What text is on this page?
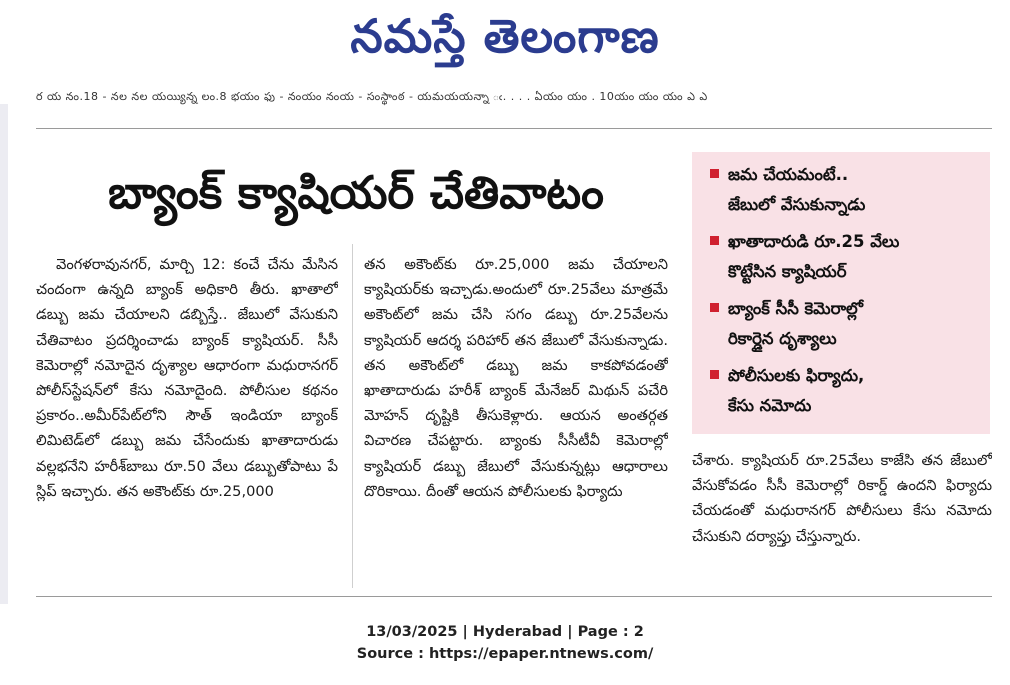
నమస్తే తెలంగాణ
ర య నం.18 - నల నల యయ్యిన్న లం.8 భయం ఫు - నంయం నంయ - సంస్థాంఠ - యమయయన్నా ఁ. . . . ఏయం యం . 10యం యం యం ఎ ఎ
బ్యాంక్ క్యాషియర్ చేతివాటం
వెంగళరావునగర్, మార్చి 12: కంచే చేను మేసిన చందంగా ఉన్నది బ్యాంక్ అధికారి తీరు. ఖాతాలో డబ్బు జమ చేయాలని డబ్బిస్తే.. జేబులో వేసుకుని చేతివాటం ప్రదర్శించాడు బ్యాంక్ క్యాషియర్. సీసీ కెమెరాల్లో నమోదైన దృశ్యాల ఆధారంగా మధురానగర్ పోలీస్‌స్టేషన్‌లో కేసు నమోదైంది. పోలీసుల కథనం ప్రకారం..అమీర్‌పేట్‌లోని సౌత్ ఇండియా బ్యాంక్ లిమిటెడ్‌లో డబ్బు జమ చేసేందుకు ఖాతాదారుడు వల్లభనేని హరీశ్‌బాబు రూ.50 వేలు డబ్బుతోపాటు పే స్లిప్ ఇచ్చారు. తన అకౌంట్‌కు రూ.25,000
తన అకౌంట్‌కు రూ.25,000 జమ చేయాలని క్యాషియర్‌కు ఇచ్చాడు.అందులో రూ.25వేలు మాత్రమే అకౌంట్‌లో జమ చేసి సగం డబ్బు రూ.25వేలను క్యాషియర్ ఆదర్శ పరిహార్ తన జేబులో వేసుకున్నాడు. తన అకౌంట్‌లో డబ్బు జమ కాకపోవడంతో ఖాతాదారుడు హరీశ్ బ్యాంక్ మేనేజర్ మిథున్ పచేరి మోహన్ దృష్టికి తీసుకెళ్లారు. ఆయన అంతర్గత విచారణ చేపట్టారు. బ్యాంకు సీసీటీవీ కెమెరాల్లో క్యాషియర్ డబ్బు జేబులో వేసుకున్నట్లు ఆధారాలు దొరికాయి. దీంతో ఆయన పోలీసులకు ఫిర్యాదు
జమ చేయమంటే..
జేబులో వేసుకున్నాడు
ఖాతాదారుడి రూ.25 వేలు
కొట్టేసిన క్యాషియర్
బ్యాంక్ సీసీ కెమెరాల్లో
రికార్డైన దృశ్యాలు
పోలీసులకు ఫిర్యాదు,
కేసు నమోదు
చేశారు. క్యాషియర్ రూ.25వేలు కాజేసి తన జేబులో వేసుకోవడం సీసీ కెమెరాల్లో రికార్డ్ ఉందని ఫిర్యాదు చేయడంతో మధురానగర్ పోలీసులు కేసు నమోదు చేసుకుని దర్యాప్తు చేస్తున్నారు.
13/03/2025 | Hyderabad | Page : 2
Source : https://epaper.ntnews.com/
